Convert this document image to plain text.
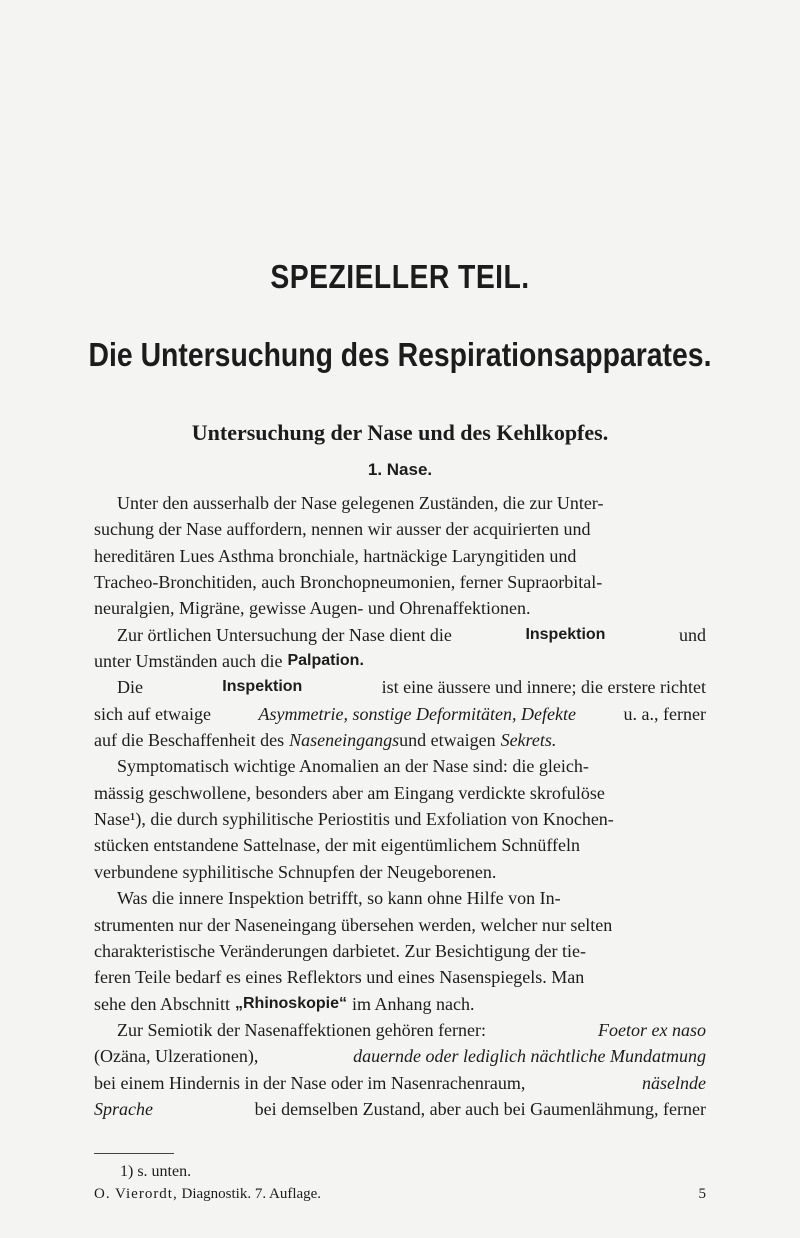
SPEZIELLER TEIL.
Die Untersuchung des Respirationsapparates.
Untersuchung der Nase und des Kehlkopfes.
1. Nase.
Unter den ausserhalb der Nase gelegenen Zuständen, die zur Unter-
suchung der Nase auffordern, nennen wir ausser der acquirierten und
hereditären Lues Asthma bronchiale, hartnäckige Laryngitiden und
Tracheo-Bronchitiden, auch Bronchopneumonien, ferner Supraorbital-
neuralgien, Migräne, gewisse Augen- und Ohrenaffektionen.
Zur örtlichen Untersuchung der Nase dient die	Inspektion	und
unter Umständen auch die Palpation.
Die	Inspektion	ist eine äussere und innere; die erstere richtet
sich auf etwaige	Asymmetrie, sonstige Deformitäten, Defekte	u. a., ferner
auf die Beschaffenheit des Naseneingangs und etwaigen Sekrets.
Symptomatisch wichtige Anomalien an der Nase sind: die gleich-
mässig geschwollene, besonders aber am Eingang verdickte skrofulöse
Nase¹), die durch syphilitische Periostitis und Exfoliation von Knochen-
stücken entstandene Sattelnase, der mit eigentümlichem Schnüffeln
verbundene syphilitische Schnupfen der Neugeborenen.
Was die innere Inspektion betrifft, so kann ohne Hilfe von In-
strumenten nur der Naseneingang übersehen werden, welcher nur selten
charakteristische Veränderungen darbietet. Zur Besichtigung der tie-
feren Teile bedarf es eines Reflektors und eines Nasenspiegels. Man
sehe den Abschnitt „Rhinoskopie“ im Anhang nach.
Zur Semiotik der Nasenaffektionen gehören ferner:	Foetor ex naso
(Ozäna, Ulzerationen),	dauernde oder lediglich nächtliche Mundatmung
bei einem Hindernis in der Nase oder im Nasenrachenraum,	näselnde
Sprache	bei demselben Zustand, aber auch bei Gaumenlähmung, ferner
1) s. unten.
O. Vierordt, Diagnostik. 7. Auflage.	5
